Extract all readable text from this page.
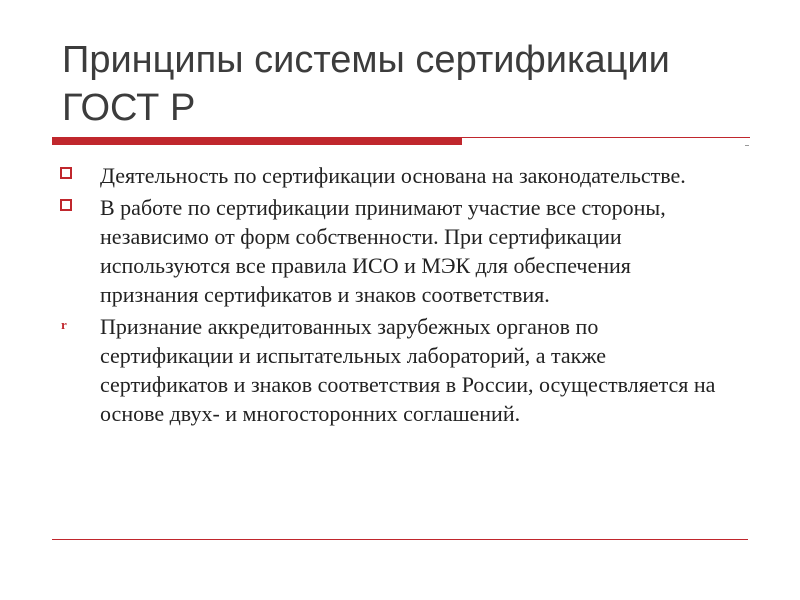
Принципы системы сертификации ГОСТ Р
Деятельность по сертификации основана на законодательстве.
В работе по сертификации принимают участие все стороны, независимо от форм собственности. При сертификации используются все правила ИСО и МЭК для обеспечения признания сертификатов и знаков соответствия.
r	Признание аккредитованных зарубежных органов по сертификации и испытательных лабораторий, а также сертификатов и знаков соответствия в России, осуществляется на основе двух- и многосторонних соглашений.
